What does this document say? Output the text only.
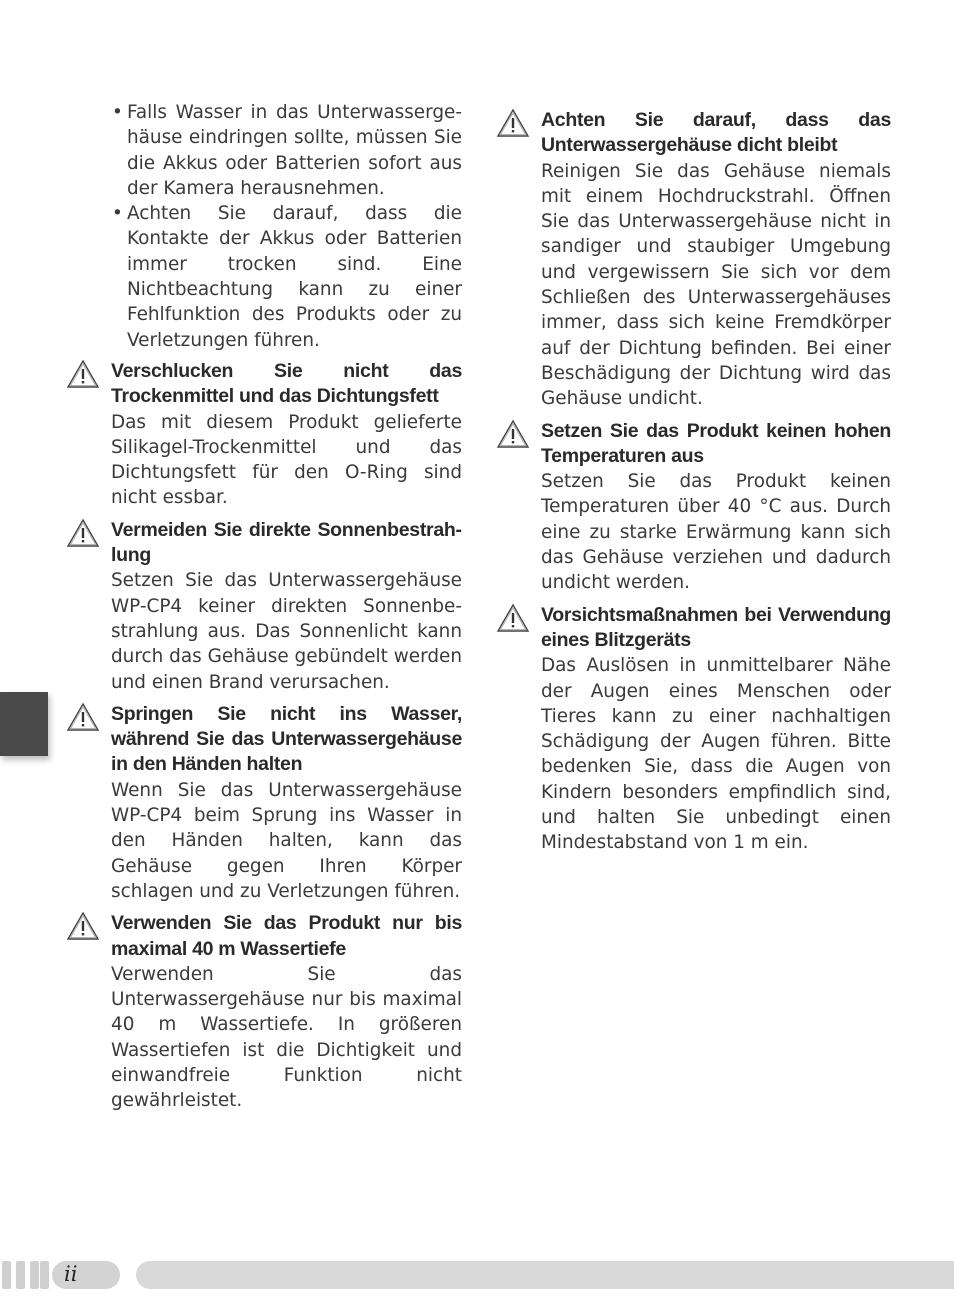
• Falls Wasser in das Unterwassergehäuse eindringen sollte, müssen Sie die Akkus oder Batterien sofort aus der Kamera herausnehmen.
• Achten Sie darauf, dass die Kontakte der Akkus oder Batterien immer trocken sind. Eine Nichtbeachtung kann zu einer Fehlfunktion des Produkts oder zu Verletzungen führen.
Verschlucken Sie nicht das Trockenmittel und das Dichtungsfett
Das mit diesem Produkt gelieferte Silikagel-Trockenmittel und das Dichtungsfett für den O-Ring sind nicht essbar.
Vermeiden Sie direkte Sonnenbestrahlung
Setzen Sie das Unterwassergehäuse WP-CP4 keiner direkten Sonnenbestrahlung aus. Das Sonnenlicht kann durch das Gehäuse gebündelt werden und einen Brand verursachen.
Springen Sie nicht ins Wasser, während Sie das Unterwassergehäuse in den Händen halten
Wenn Sie das Unterwassergehäuse WP-CP4 beim Sprung ins Wasser in den Händen halten, kann das Gehäuse gegen Ihren Körper schlagen und zu Verletzungen führen.
Verwenden Sie das Produkt nur bis maximal 40 m Wassertiefe
Verwenden Sie das Unterwassergehäuse nur bis maximal 40 m Wassertiefe. In größeren Wassertiefen ist die Dichtigkeit und einwandfreie Funktion nicht gewährleistet.
Achten Sie darauf, dass das Unterwassergehäuse dicht bleibt
Reinigen Sie das Gehäuse niemals mit einem Hochdruckstrahl. Öffnen Sie das Unterwassergehäuse nicht in sandiger und staubiger Umgebung und vergewissern Sie sich vor dem Schließen des Unterwassergehäuses immer, dass sich keine Fremdkörper auf der Dichtung befinden. Bei einer Beschädigung der Dichtung wird das Gehäuse undicht.
Setzen Sie das Produkt keinen hohen Temperaturen aus
Setzen Sie das Produkt keinen Temperaturen über 40 °C aus. Durch eine zu starke Erwärmung kann sich das Gehäuse verziehen und dadurch undicht werden.
Vorsichtsmaßnahmen bei Verwendung eines Blitzgeräts
Das Auslösen in unmittelbarer Nähe der Augen eines Menschen oder Tieres kann zu einer nachhaltigen Schädigung der Augen führen. Bitte bedenken Sie, dass die Augen von Kindern besonders empfindlich sind, und halten Sie unbedingt einen Mindestabstand von 1 m ein.
ii
